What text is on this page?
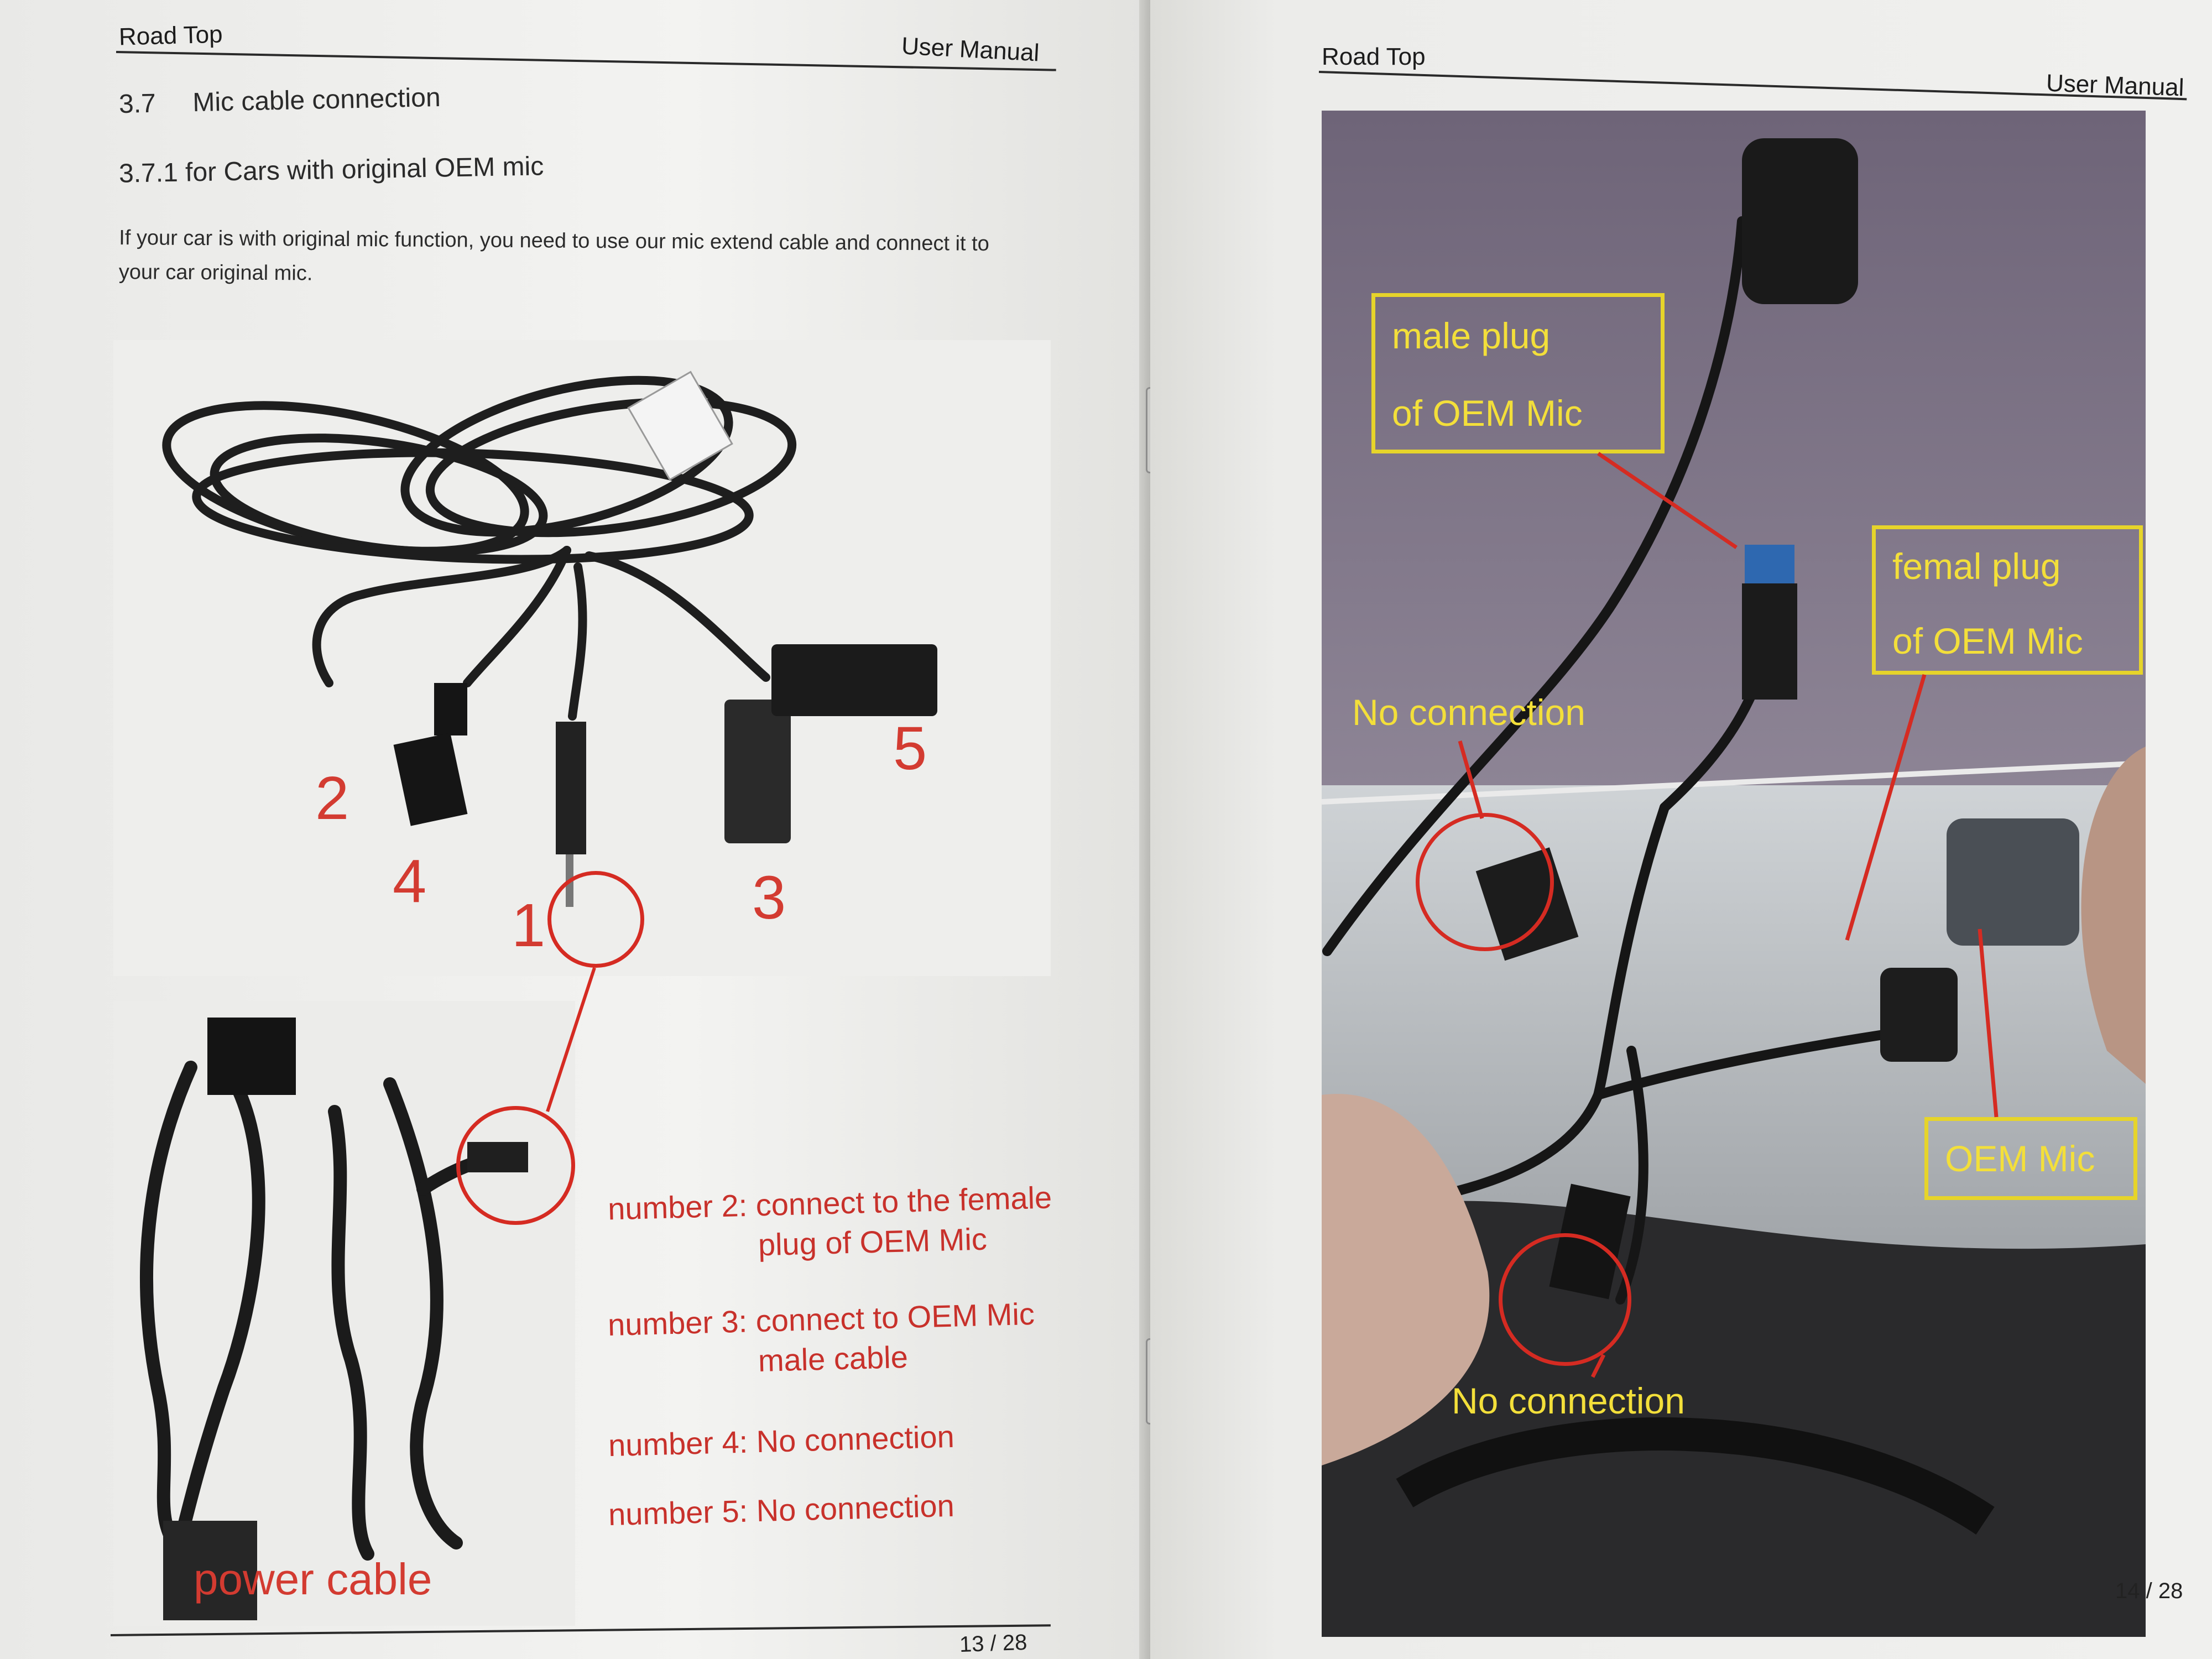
Road Top	User Manual
3.7 Mic cable connection
3.7.1 for Cars with original OEM mic
If your car is with original mic function, you need to use our mic extend cable and connect it to
your car original mic.
2
4
1	3
5
power cable
number 2: connect to the female
plug of OEM Mic
number 3: connect to OEM Mic
male cable
number 4: No connection
number 5: No connection
13 / 28
Road Top
User Manual
male plug
of OEM Mic
femal plug
of OEM Mic
No connection
No connection
OEM Mic
14 / 28
